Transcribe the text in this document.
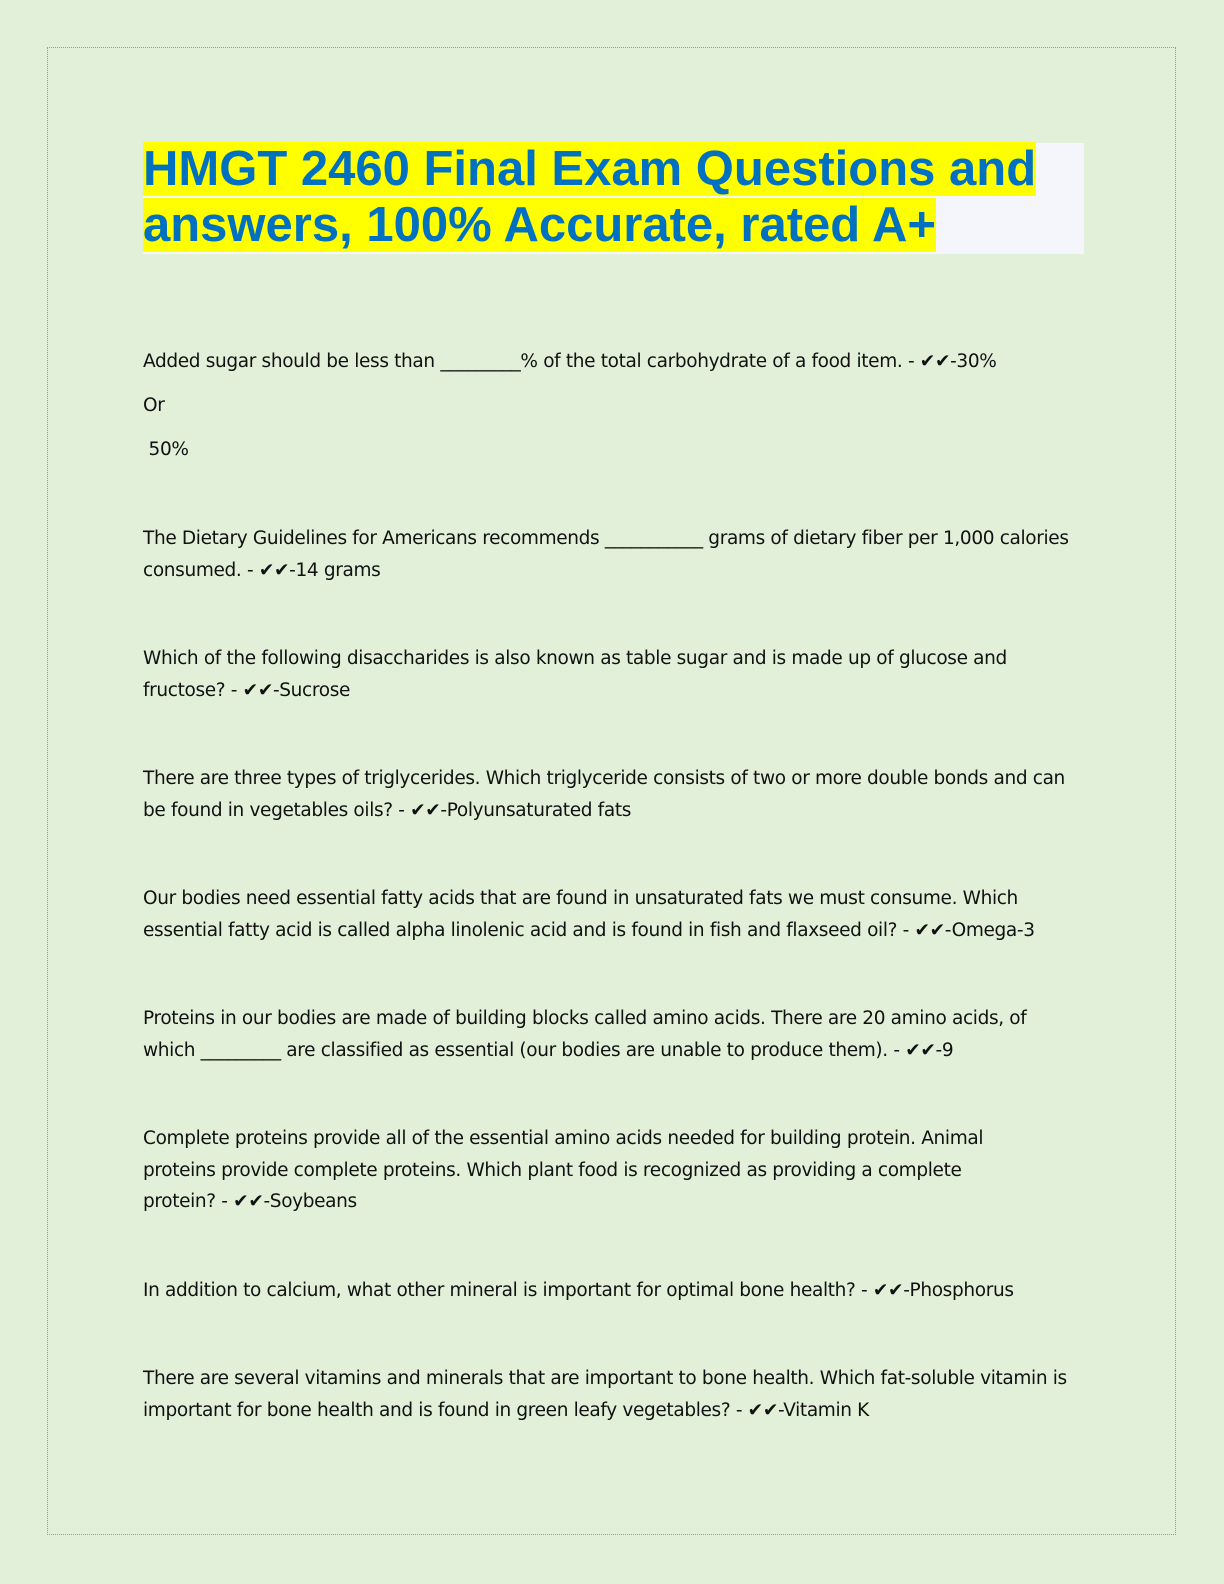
HMGT 2460 Final Exam Questions and answers, 100% Accurate, rated A+

Added sugar should be less than _________% of the total carbohydrate of a food item. - ✔✔-30%

Or

50%

The Dietary Guidelines for Americans recommends ___________ grams of dietary fiber per 1,000 calories consumed. - ✔✔-14 grams

Which of the following disaccharides is also known as table sugar and is made up of glucose and fructose? - ✔✔-Sucrose

There are three types of triglycerides. Which triglyceride consists of two or more double bonds and can be found in vegetables oils? - ✔✔-Polyunsaturated fats

Our bodies need essential fatty acids that are found in unsaturated fats we must consume. Which essential fatty acid is called alpha linolenic acid and is found in fish and flaxseed oil? - ✔✔-Omega-3

Proteins in our bodies are made of building blocks called amino acids. There are 20 amino acids, of which _________ are classified as essential (our bodies are unable to produce them). - ✔✔-9

Complete proteins provide all of the essential amino acids needed for building protein. Animal proteins provide complete proteins. Which plant food is recognized as providing a complete protein? - ✔✔-Soybeans

In addition to calcium, what other mineral is important for optimal bone health? - ✔✔-Phosphorus

There are several vitamins and minerals that are important to bone health. Which fat-soluble vitamin is important for bone health and is found in green leafy vegetables? - ✔✔-Vitamin K
